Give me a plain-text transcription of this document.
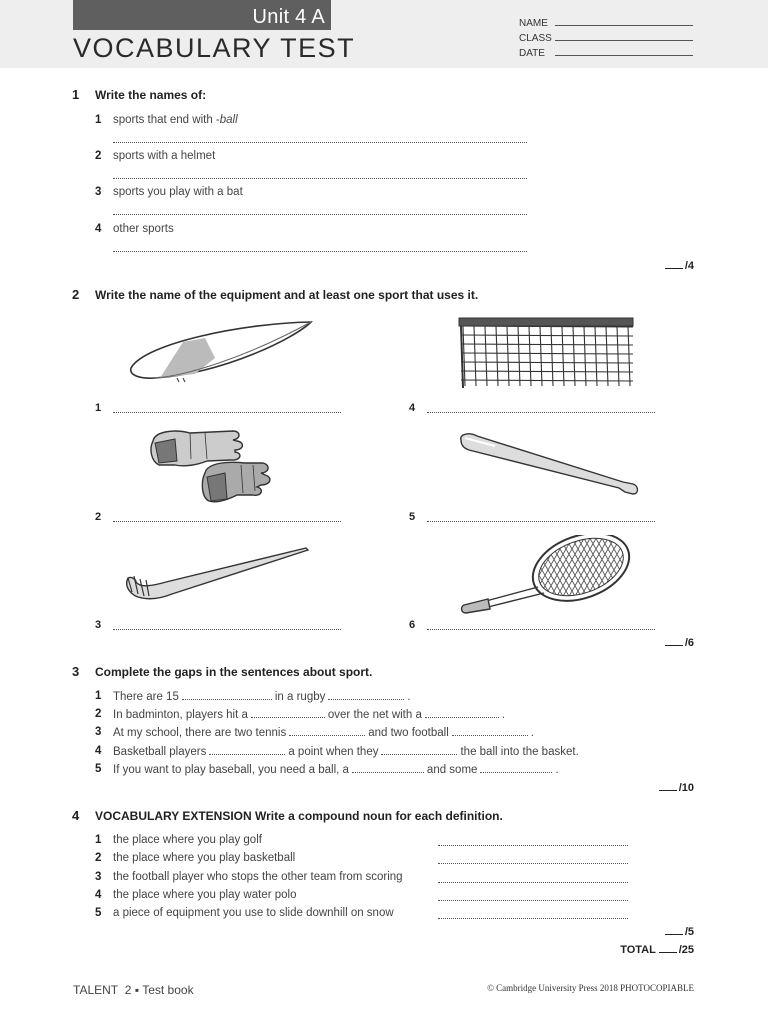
Unit 4 A
VOCABULARY TEST
NAME
CLASS
DATE
1 Write the names of:
1 sports that end with -ball
2 sports with a helmet
3 sports you play with a bat
4 other sports
/4
2 Write the name of the equipment and at least one sport that uses it.
1
2
3
4
5
6
/6
3 Complete the gaps in the sentences about sport.
1 There are 15	in a rugby	.
2 In badminton, players hit a	over the net with a	.
3 At my school, there are two tennis	and two football	.
4 Basketball players	a point when they	the ball into the basket.
5 If you want to play baseball, you need a ball, a	and some	.
/10
4 VOCABULARY EXTENSION Write a compound noun for each definition.
1 the place where you play golf
2 the place where you play basketball
3 the football player who stops the other team from scoring
4 the place where you play water polo
5 a piece of equipment you use to slide downhill on snow
/5
TOTAL /25
TALENT 2 ▪ Test book	© Cambridge University Press 2018 PHOTOCOPIABLE
